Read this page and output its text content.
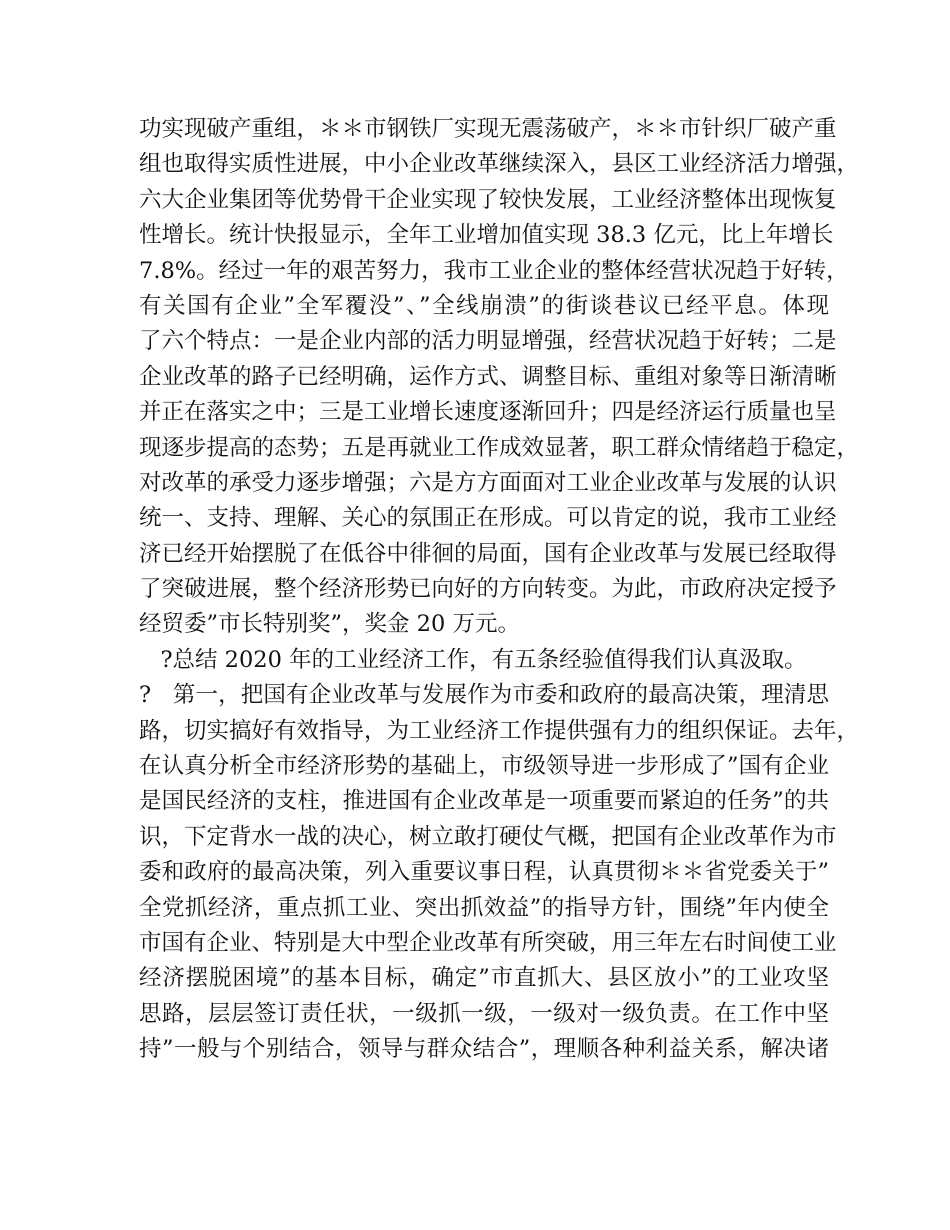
功实现破产重组，＊＊市钢铁厂实现无震荡破产，＊＊市针织厂破产重
组也取得实质性进展，中小企业改革继续深入，县区工业经济活力增强，
六大企业集团等优势骨干企业实现了较快发展，工业经济整体出现恢复
性增长。统计快报显示，全年工业增加值实现 38.3 亿元，比上年增长
7.8%。经过一年的艰苦努力，我市工业企业的整体经营状况趋于好转，
有关国有企业”全军覆没”、”全线崩溃”的街谈巷议已经平息。体现
了六个特点：一是企业内部的活力明显增强，经营状况趋于好转；二是
企业改革的路子已经明确，运作方式、调整目标、重组对象等日渐清晰
并正在落实之中；三是工业增长速度逐渐回升；四是经济运行质量也呈
现逐步提高的态势；五是再就业工作成效显著，职工群众情绪趋于稳定，
对改革的承受力逐步增强；六是方方面面对工业企业改革与发展的认识
统一、支持、理解、关心的氛围正在形成。可以肯定的说，我市工业经
济已经开始摆脱了在低谷中徘徊的局面，国有企业改革与发展已经取得
了突破进展，整个经济形势已向好的方向转变。为此，市政府决定授予
经贸委”市长特别奖”，奖金 20 万元。
?总结 2020 年的工业经济工作，有五条经验值得我们认真汲取。
?   第一，把国有企业改革与发展作为市委和政府的最高决策，理清思
路，切实搞好有效指导，为工业经济工作提供强有力的组织保证。去年，
在认真分析全市经济形势的基础上，市级领导进一步形成了”国有企业
是国民经济的支柱，推进国有企业改革是一项重要而紧迫的任务”的共
识，下定背水一战的决心，树立敢打硬仗气概，把国有企业改革作为市
委和政府的最高决策，列入重要议事日程，认真贯彻＊＊省党委关于”
全党抓经济，重点抓工业、突出抓效益”的指导方针，围绕”年内使全
市国有企业、特别是大中型企业改革有所突破，用三年左右时间使工业
经济摆脱困境”的基本目标，确定”市直抓大、县区放小”的工业攻坚
思路，层层签订责任状，一级抓一级，一级对一级负责。在工作中坚
持”一般与个别结合，领导与群众结合”，理顺各种利益关系，解决诸
